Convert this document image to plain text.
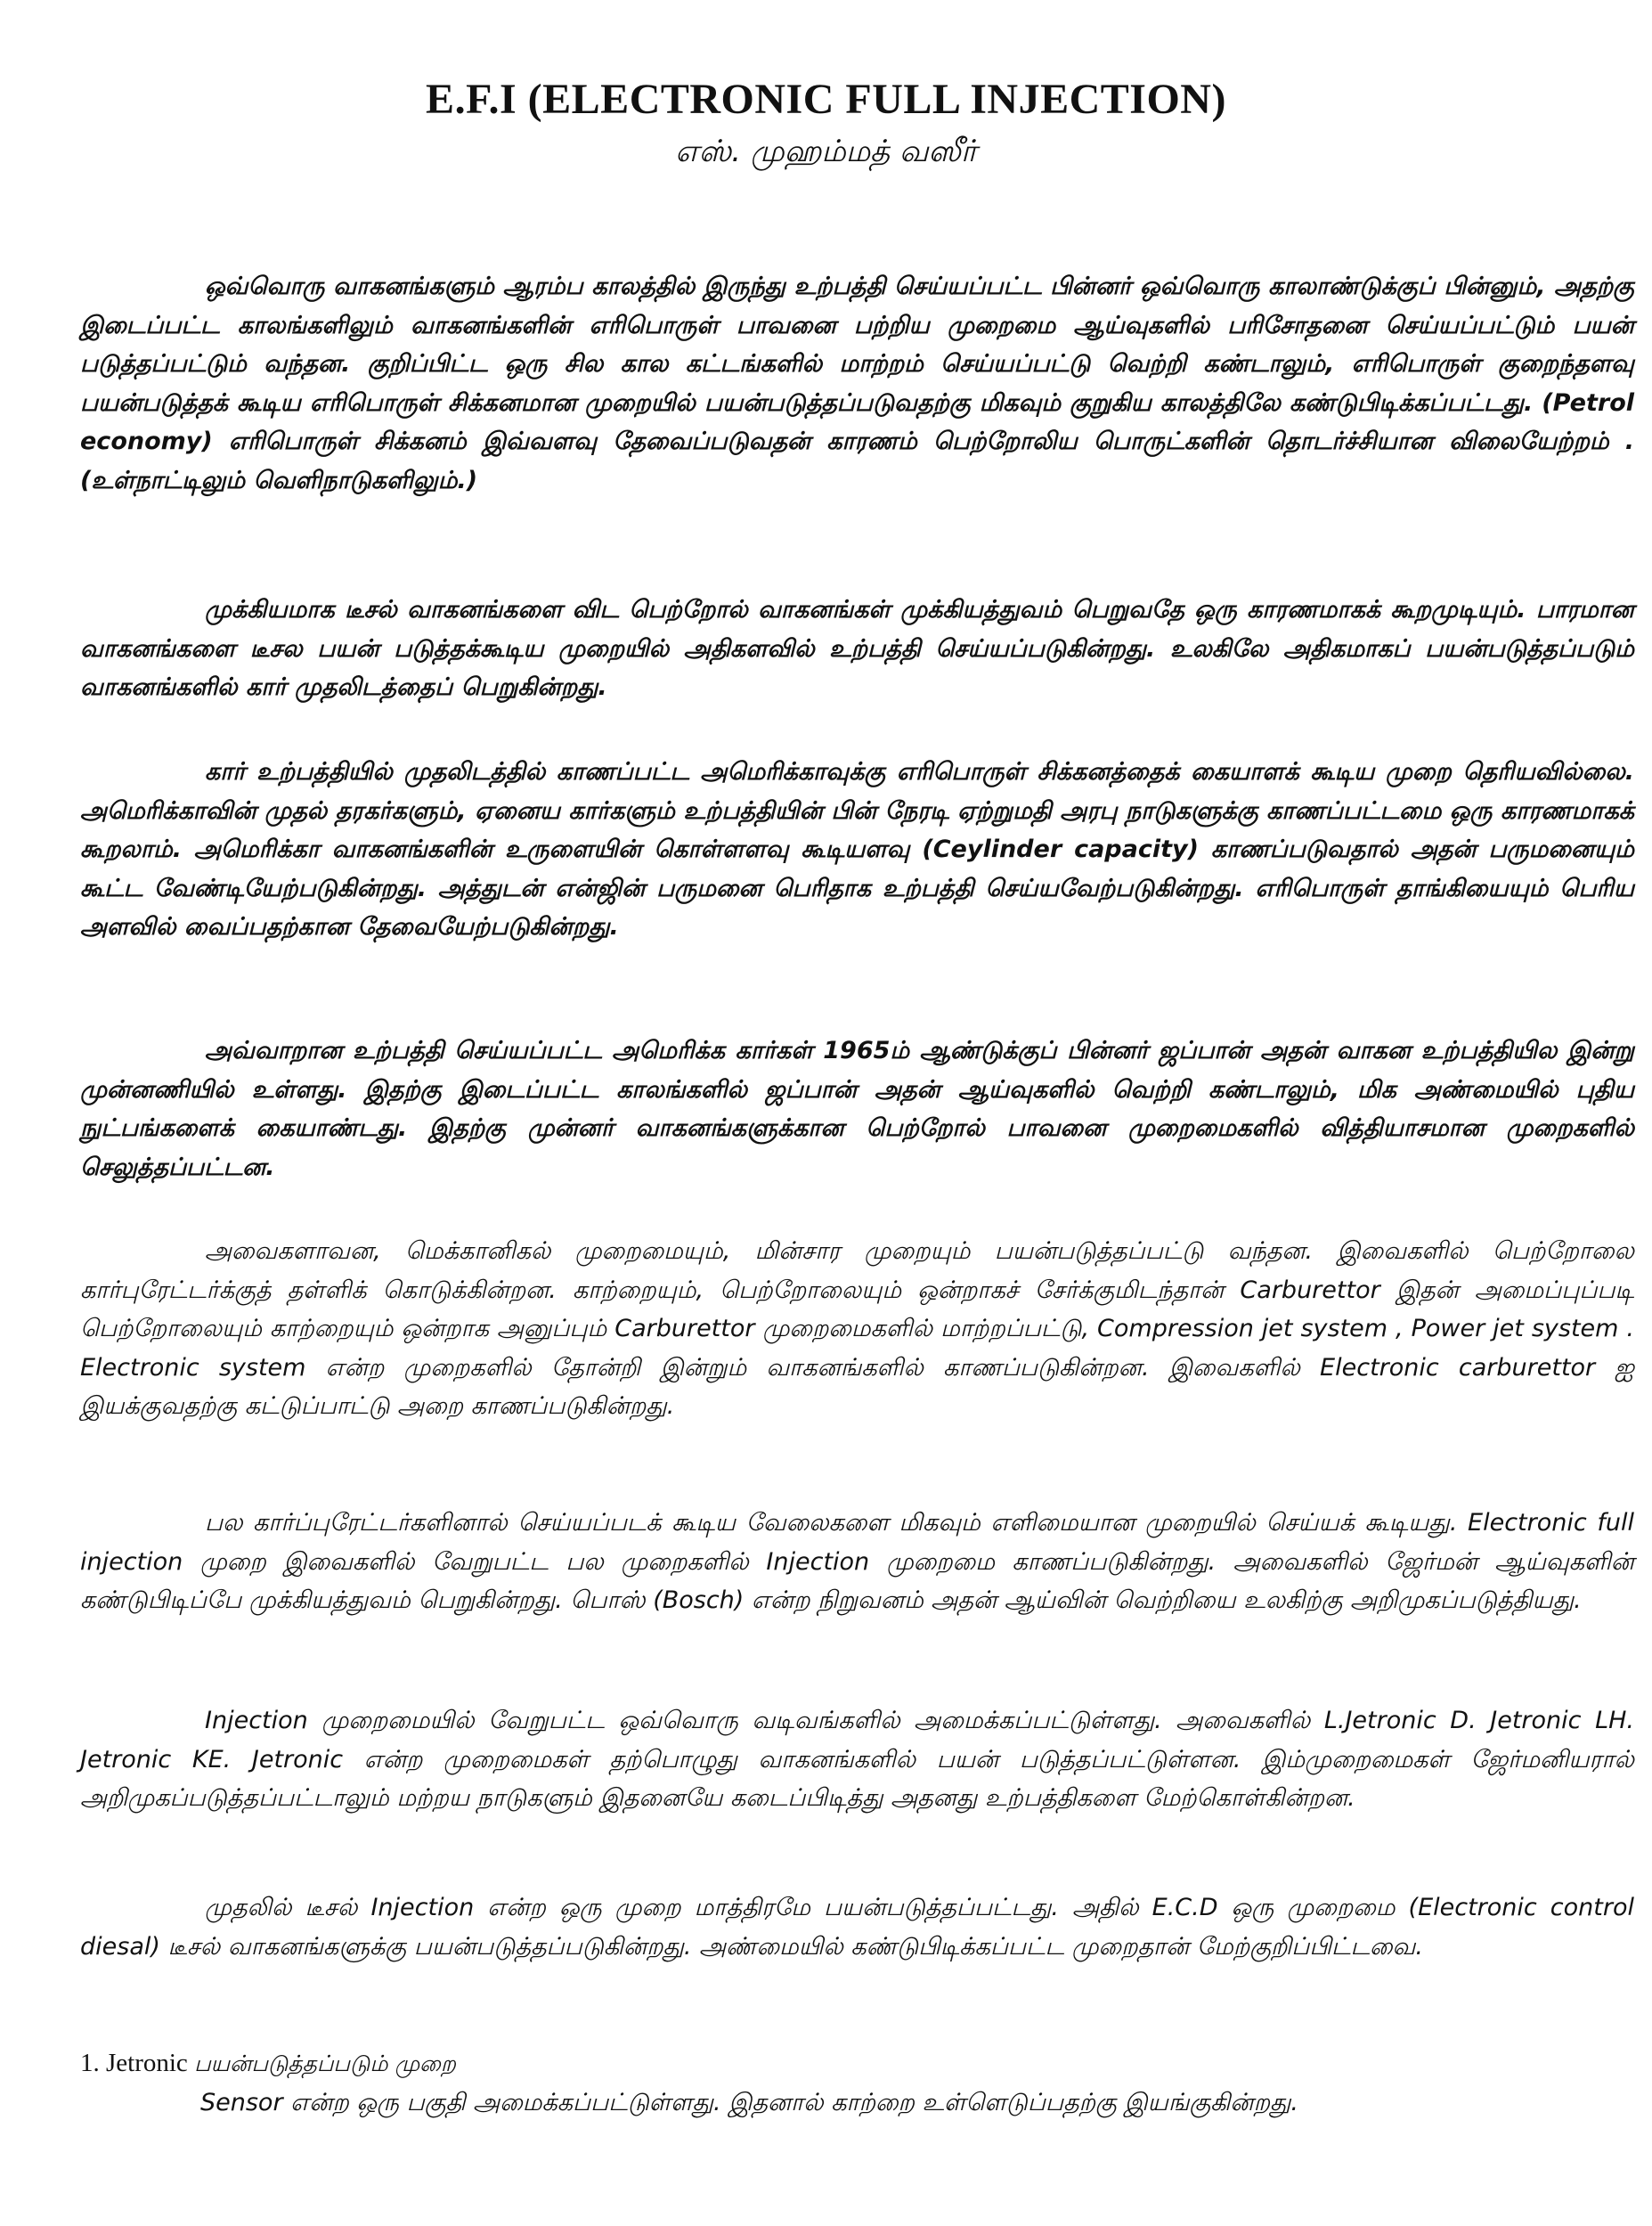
E.F.I (ELECTRONIC FULL INJECTION)
எஸ். முஹம்மத் வஸீர்
ஒவ்வொரு வாகனங்களும் ஆரம்ப காலத்தில் இருந்து உற்பத்தி செய்யப்பட்ட பின்னர் ஒவ்வொரு காலாண்டுக்குப் பின்னும், அதற்கு இடைப்பட்ட காலங்களிலும் வாகனங்களின் எரிபொருள் பாவனை பற்றிய முறைமை ஆய்வுகளில் பரிசோதனை செய்யப்பட்டும் பயன் படுத்தப்பட்டும் வந்தன. குறிப்பிட்ட ஒரு சில கால கட்டங்களில் மாற்றம் செய்யப்பட்டு வெற்றி கண்டாலும், எரிபொருள் குறைந்தளவு பயன்படுத்தக் கூடிய எரிபொருள் சிக்கனமான முறையில் பயன்படுத்தப்படுவதற்கு மிகவும் குறுகிய காலத்திலே கண்டுபிடிக்கப்பட்டது. (Petrol economy) எரிபொருள் சிக்கனம் இவ்வளவு தேவைப்படுவதன் காரணம் பெற்றோலிய பொருட்களின் தொடர்ச்சியான விலையேற்றம் . (உள்நாட்டிலும் வெளிநாடுகளிலும்.)
முக்கியமாக டீசல் வாகனங்களை விட பெற்றோல் வாகனங்கள் முக்கியத்துவம் பெறுவதே ஒரு காரணமாகக் கூறமுடியும். பாரமான வாகனங்களை டீசல பயன் படுத்தக்கூடிய முறையில் அதிகளவில் உற்பத்தி செய்யப்படுகின்றது. உலகிலே அதிகமாகப் பயன்படுத்தப்படும் வாகனங்களில் கார் முதலிடத்தைப் பெறுகின்றது.
கார் உற்பத்தியில் முதலிடத்தில் காணப்பட்ட அமெரிக்காவுக்கு எரிபொருள் சிக்கனத்தைக் கையாளக் கூடிய முறை தெரியவில்லை. அமெரிக்காவின் முதல் தரகர்களும், ஏனைய கார்களும் உற்பத்தியின் பின் நேரடி ஏற்றுமதி அரபு நாடுகளுக்கு காணப்பட்டமை ஒரு காரணமாகக் கூறலாம். அமெரிக்கா வாகனங்களின் உருளையின் கொள்ளளவு கூடியளவு (Ceylinder capacity) காணப்படுவதால் அதன் பருமனையும் கூட்ட வேண்டியேற்படுகின்றது. அத்துடன் என்ஜின் பருமனை பெரிதாக உற்பத்தி செய்யவேற்படுகின்றது. எரிபொருள் தாங்கியையும் பெரிய அளவில் வைப்பதற்கான தேவையேற்படுகின்றது.
அவ்வாறான உற்பத்தி செய்யப்பட்ட அமெரிக்க கார்கள் 1965ம் ஆண்டுக்குப் பின்னர் ஜப்பான் அதன் வாகன உற்பத்தியில இன்று முன்னணியில் உள்ளது. இதற்கு இடைப்பட்ட காலங்களில் ஜப்பான் அதன் ஆய்வுகளில் வெற்றி கண்டாலும், மிக அண்மையில் புதிய நுட்பங்களைக் கையாண்டது. இதற்கு முன்னர் வாகனங்களுக்கான பெற்றோல் பாவனை முறைமைகளில் வித்தியாசமான முறைகளில் செலுத்தப்பட்டன.
அவைகளாவன, மெக்கானிகல் முறைமையும், மின்சார முறையும் பயன்படுத்தப்பட்டு வந்தன. இவைகளில் பெற்றோலை கார்புரேட்டர்க்குத் தள்ளிக் கொடுக்கின்றன. காற்றையும், பெற்றோலையும் ஒன்றாகச் சேர்க்குமிடந்தான் Carburettor இதன் அமைப்புப்படி பெற்றோலையும் காற்றையும் ஒன்றாக அனுப்பும் Carburettor முறைமைகளில் மாற்றப்பட்டு, Compression jet system , Power jet system . Electronic system என்ற முறைகளில் தோன்றி இன்றும் வாகனங்களில் காணப்படுகின்றன. இவைகளில் Electronic carburettor ஐ இயக்குவதற்கு கட்டுப்பாட்டு அறை காணப்படுகின்றது.
பல கார்ப்புரேட்டர்களினால் செய்யப்படக் கூடிய வேலைகளை மிகவும் எளிமையான முறையில் செய்யக் கூடியது. Electronic full injection முறை இவைகளில் வேறுபட்ட பல முறைகளில் Injection முறைமை காணப்படுகின்றது. அவைகளில் ஜேர்மன் ஆய்வுகளின் கண்டுபிடிப்பே முக்கியத்துவம் பெறுகின்றது. பொஸ் (Bosch) என்ற நிறுவனம் அதன் ஆய்வின் வெற்றியை உலகிற்கு அறிமுகப்படுத்தியது.
Injection முறைமையில் வேறுபட்ட ஒவ்வொரு வடிவங்களில் அமைக்கப்பட்டுள்ளது. அவைகளில் L.Jetronic D. Jetronic LH. Jetronic KE. Jetronic என்ற முறைமைகள் தற்பொழுது வாகனங்களில் பயன் படுத்தப்பட்டுள்ளன. இம்முறைமைகள் ஜேர்மனியரால் அறிமுகப்படுத்தப்பட்டாலும் மற்றய நாடுகளும் இதனையே கடைப்பிடித்து அதனது உற்பத்திகளை மேற்கொள்கின்றன.
முதலில் டீசல் Injection என்ற ஒரு முறை மாத்திரமே பயன்படுத்தப்பட்டது. அதில் E.C.D ஒரு முறைமை (Electronic control diesal) டீசல் வாகனங்களுக்கு பயன்படுத்தப்படுகின்றது. அண்மையில் கண்டுபிடிக்கப்பட்ட முறைதான் மேற்குறிப்பிட்டவை.
1. Jetronic பயன்படுத்தப்படும் முறை
Sensor என்ற ஒரு பகுதி அமைக்கப்பட்டுள்ளது. இதனால் காற்றை உள்ளெடுப்பதற்கு இயங்குகின்றது.
